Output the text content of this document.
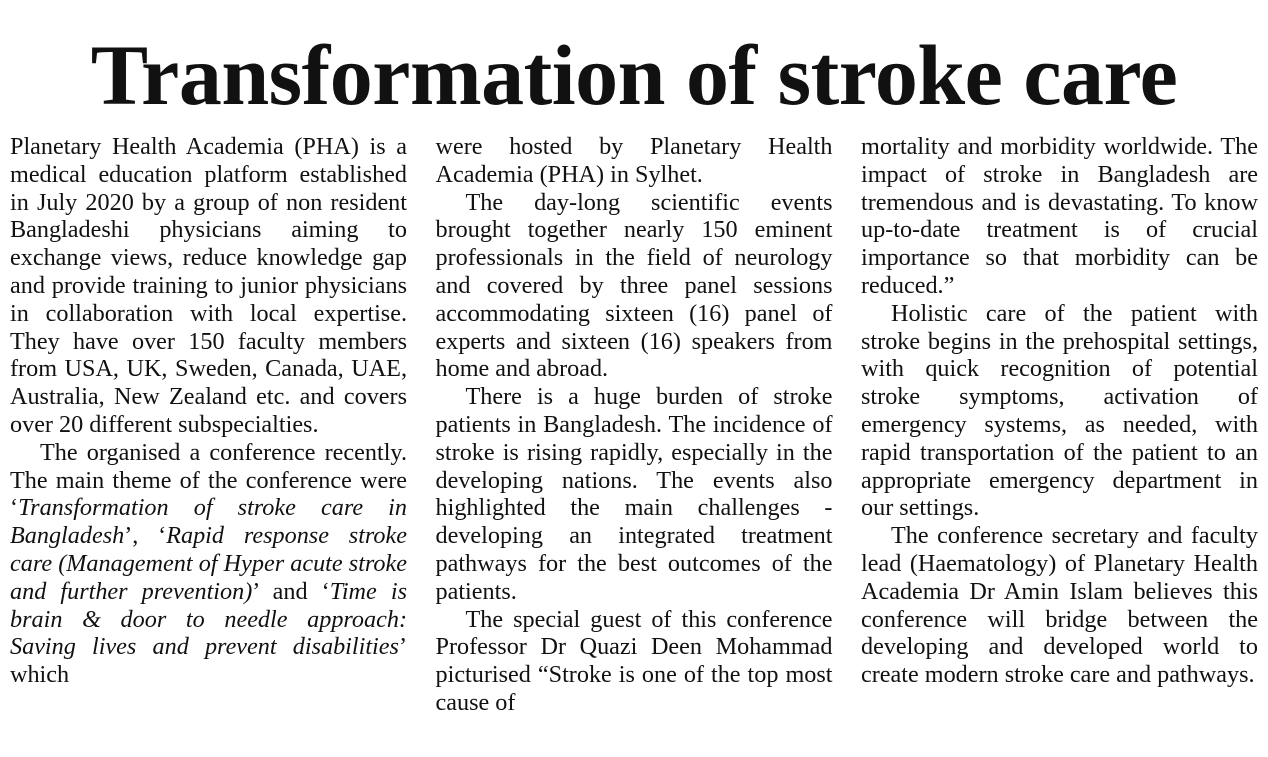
Transformation of stroke care

Planetary Health Academia (PHA) is a medical education platform established in July 2020 by a group of non resident Bangladeshi physicians aiming to exchange views, reduce knowledge gap and provide training to junior physicians in collaboration with local expertise. They have over 150 faculty members from USA, UK, Sweden, Canada, UAE, Australia, New Zealand etc. and covers over 20 different subspecialties.

The organised a conference recently. The main theme of the conference were ‘Transformation of stroke care in Bangladesh’, ‘Rapid response stroke care (Management of Hyper acute stroke and further prevention)’ and ‘Time is brain & door to needle approach: Saving lives and prevent disabilities’ which

were hosted by Planetary Health Academia (PHA) in Sylhet.

The day-long scientific events brought together nearly 150 eminent professionals in the field of neurology and covered by three panel sessions accommodating sixteen (16) panel of experts and sixteen (16) speakers from home and abroad.

There is a huge burden of stroke patients in Bangladesh. The incidence of stroke is rising rapidly, especially in the developing nations. The events also highlighted the main challenges - developing an integrated treatment pathways for the best outcomes of the patients.

The special guest of this conference Professor Dr Quazi Deen Mohammad picturised “Stroke is one of the top most cause of

mortality and morbidity worldwide. The impact of stroke in Bangladesh are tremendous and is devastating. To know up-to-date treatment is of crucial importance so that morbidity can be reduced.”

Holistic care of the patient with stroke begins in the prehospital settings, with quick recognition of potential stroke symptoms, activation of emergency systems, as needed, with rapid transportation of the patient to an appropriate emergency department in our settings.

The conference secretary and faculty lead (Haematology) of Planetary Health Academia Dr Amin Islam believes this conference will bridge between the developing and developed world to create modern stroke care and pathways.
